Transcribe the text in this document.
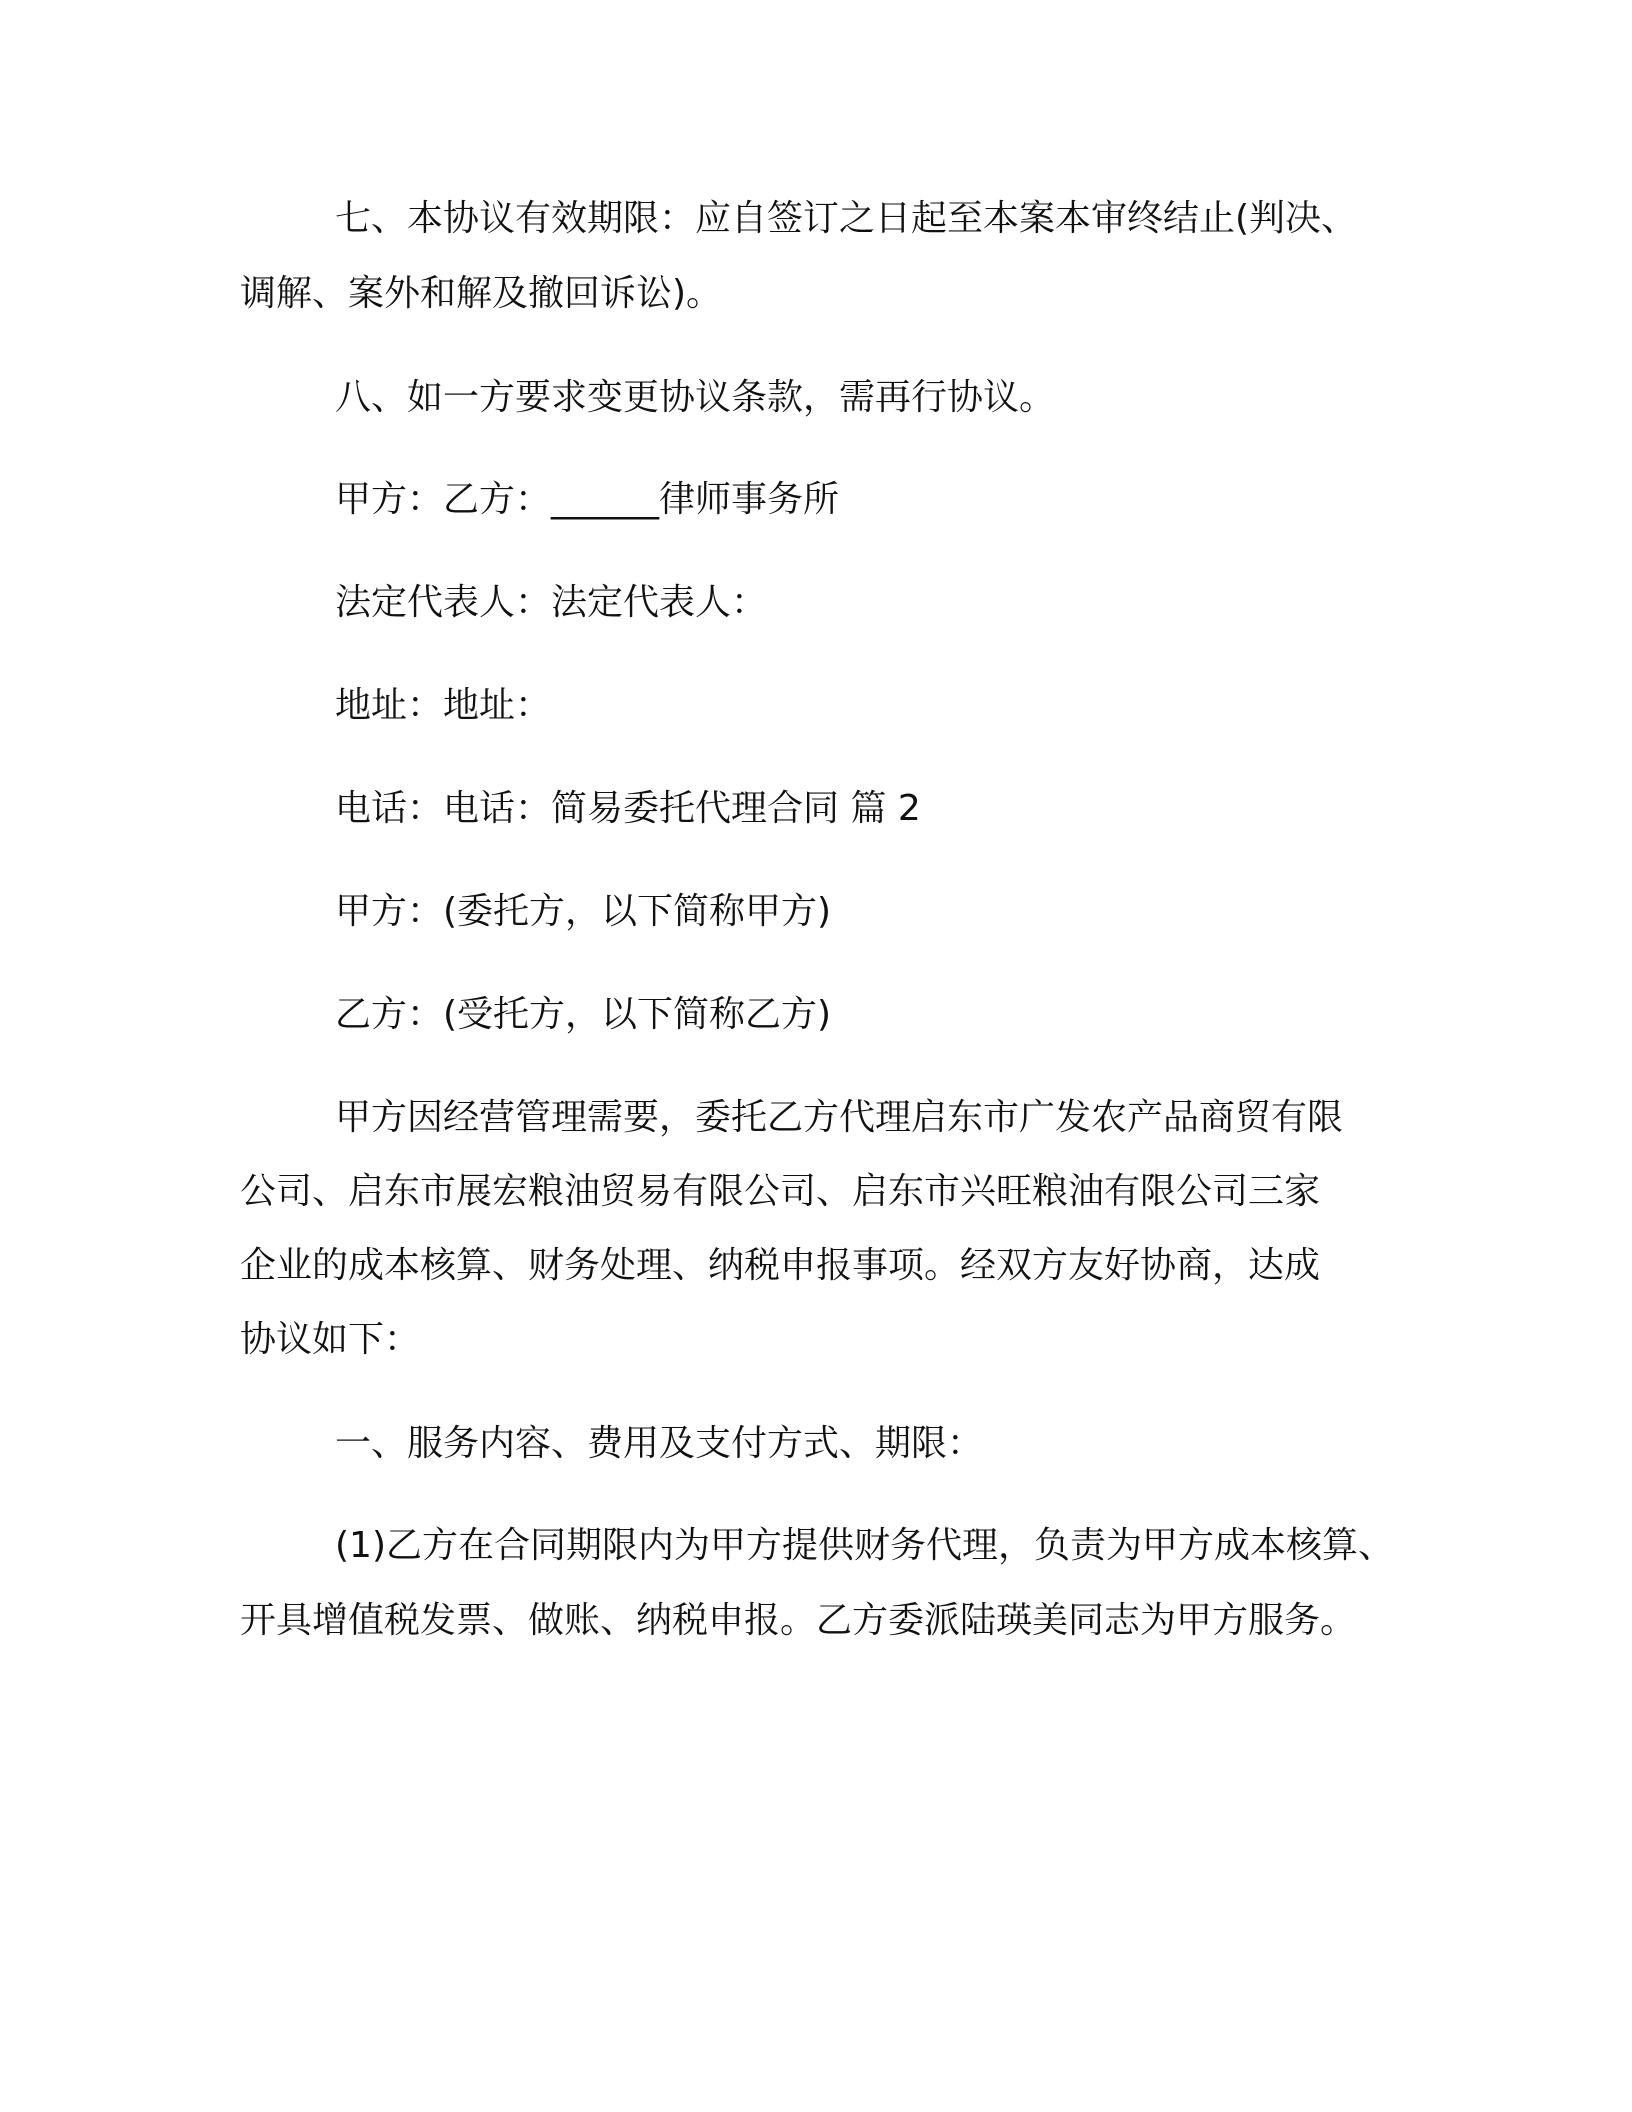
七、本协议有效期限：应自签订之日起至本案本审终结止(判决、
调解、案外和解及撤回诉讼)。
八、如一方要求变更协议条款，需再行协议。
甲方：乙方：______律师事务所
法定代表人：法定代表人：
地址：地址：
电话：电话：简易委托代理合同 篇 2
甲方：(委托方，以下简称甲方)
乙方：(受托方，以下简称乙方)
甲方因经营管理需要，委托乙方代理启东市广发农产品商贸有限
公司、启东市展宏粮油贸易有限公司、启东市兴旺粮油有限公司三家
企业的成本核算、财务处理、纳税申报事项。经双方友好协商，达成
协议如下：
一、服务内容、费用及支付方式、期限：
(1)乙方在合同期限内为甲方提供财务代理，负责为甲方成本核算、
开具增值税发票、做账、纳税申报。乙方委派陆瑛美同志为甲方服务。
